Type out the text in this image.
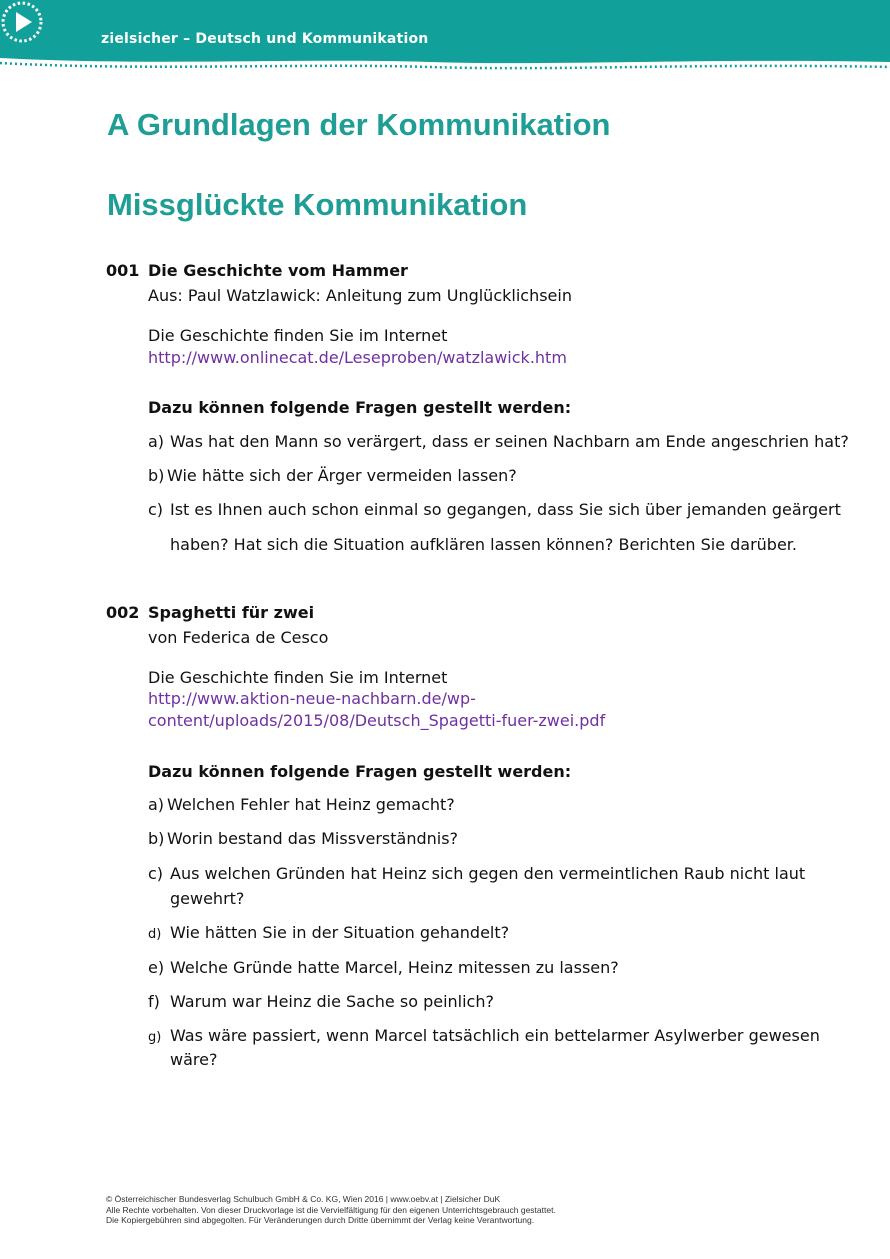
zielsicher – Deutsch und Kommunikation
A Grundlagen der Kommunikation
Missglückte Kommunikation
001 Die Geschichte vom Hammer
Aus: Paul Watzlawick: Anleitung zum Unglücklichsein
Die Geschichte finden Sie im Internet
http://www.onlinecat.de/Leseproben/watzlawick.htm
Dazu können folgende Fragen gestellt werden:
a) Was hat den Mann so verärgert, dass er seinen Nachbarn am Ende angeschrien hat?
b) Wie hätte sich der Ärger vermeiden lassen?
c) Ist es Ihnen auch schon einmal so gegangen, dass Sie sich über jemanden geärgert
haben? Hat sich die Situation aufklären lassen können? Berichten Sie darüber.
002 Spaghetti für zwei
von Federica de Cesco
Die Geschichte finden Sie im Internet
http://www.aktion-neue-nachbarn.de/wp-
content/uploads/2015/08/Deutsch_Spagetti-fuer-zwei.pdf
Dazu können folgende Fragen gestellt werden:
a) Welchen Fehler hat Heinz gemacht?
b) Worin bestand das Missverständnis?
c) Aus welchen Gründen hat Heinz sich gegen den vermeintlichen Raub nicht laut
gewehrt?
d) Wie hätten Sie in der Situation gehandelt?
e) Welche Gründe hatte Marcel, Heinz mitessen zu lassen?
f) Warum war Heinz die Sache so peinlich?
g) Was wäre passiert, wenn Marcel tatsächlich ein bettelarmer Asylwerber gewesen
wäre?
© Österreichischer Bundesverlag Schulbuch GmbH & Co. KG, Wien 2016 | www.oebv.at | Zielsicher DuK
Alle Rechte vorbehalten. Von dieser Druckvorlage ist die Vervielfältigung für den eigenen Unterrichtsgebrauch gestattet.
Die Kopiergebühren sind abgegolten. Für Veränderungen durch Dritte übernimmt der Verlag keine Verantwortung.
